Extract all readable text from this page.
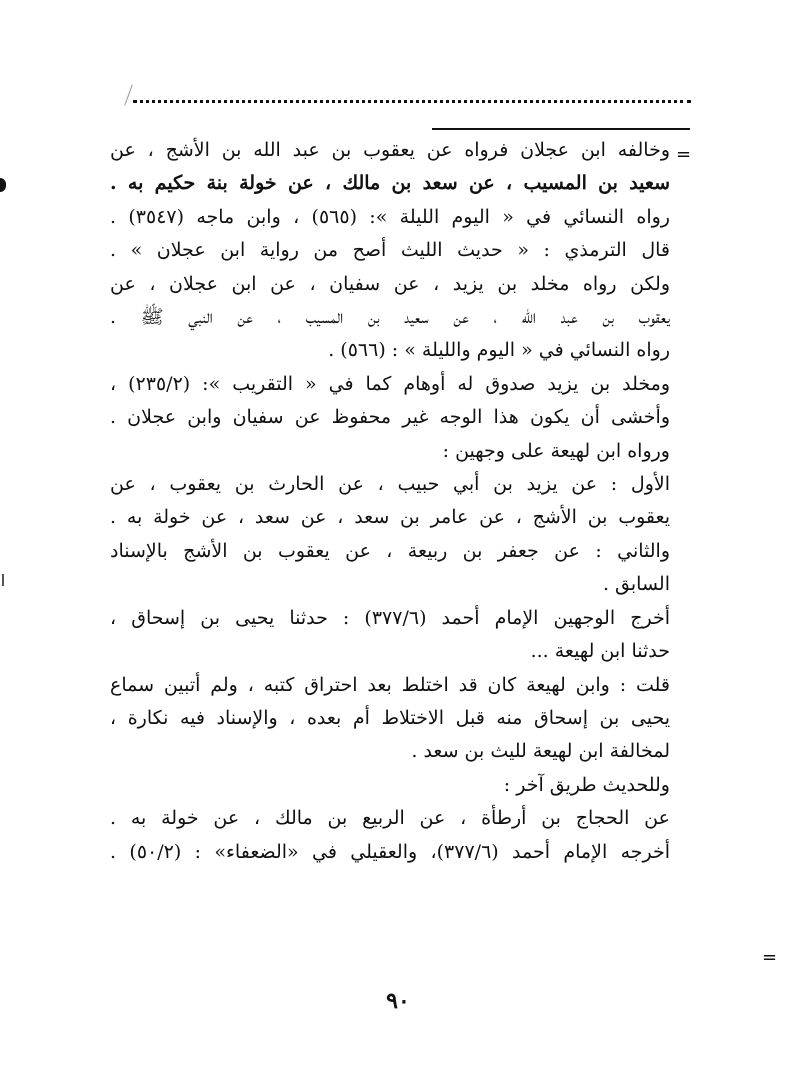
=
وخالفه ابن عجلان فرواه عن يعقوب بن عبد الله بن الأشج ، عن
سعيد بن المسيب ، عن سعد بن مالك ، عن خولة بنة حكيم به .
رواه النسائي في « اليوم الليلة »: (٥٦٥) ، وابن ماجه (٣٥٤٧) .
قال الترمذي : « حديث الليث أصح من رواية ابن عجلان » .
ولكن رواه مخلد بن يزيد ، عن سفيان ، عن ابن عجلان ، عن
يعقوب بن عبد الله ، عن سعيد بن المسيب ، عن النبي ﷺ .
رواه النسائي في « اليوم والليلة » : (٥٦٦) .
ومخلد بن يزيد صدوق له أوهام كما في « التقريب »: (٢٣٥/٢) ،
وأخشى أن يكون هذا الوجه غير محفوظ عن سفيان وابن عجلان .
ورواه ابن لهيعة على وجهين :
الأول : عن يزيد بن أبي حبيب ، عن الحارث بن يعقوب ، عن
يعقوب بن الأشج ، عن عامر بن سعد ، عن سعد ، عن خولة به .
والثاني : عن جعفر بن ربيعة ، عن يعقوب بن الأشج بالإسناد
السابق .
أخرج الوجهين الإمام أحمد (٣٧٧/٦) : حدثنا يحيى بن إسحاق ،
حدثنا ابن لهيعة ...
قلت : وابن لهيعة كان قد اختلط بعد احتراق كتبه ، ولم أتبين سماع
يحيى بن إسحاق منه قبل الاختلاط أم بعده ، والإسناد فيه نكارة ،
لمخالفة ابن لهيعة لليث بن سعد .
وللحديث طريق آخر :
عن الحجاج بن أرطأة ، عن الربيع بن مالك ، عن خولة به .
أخرجه الإمام أحمد (٣٧٧/٦)، والعقيلي في «الضعفاء» : (٥٠/٢) .
=
٩٠
